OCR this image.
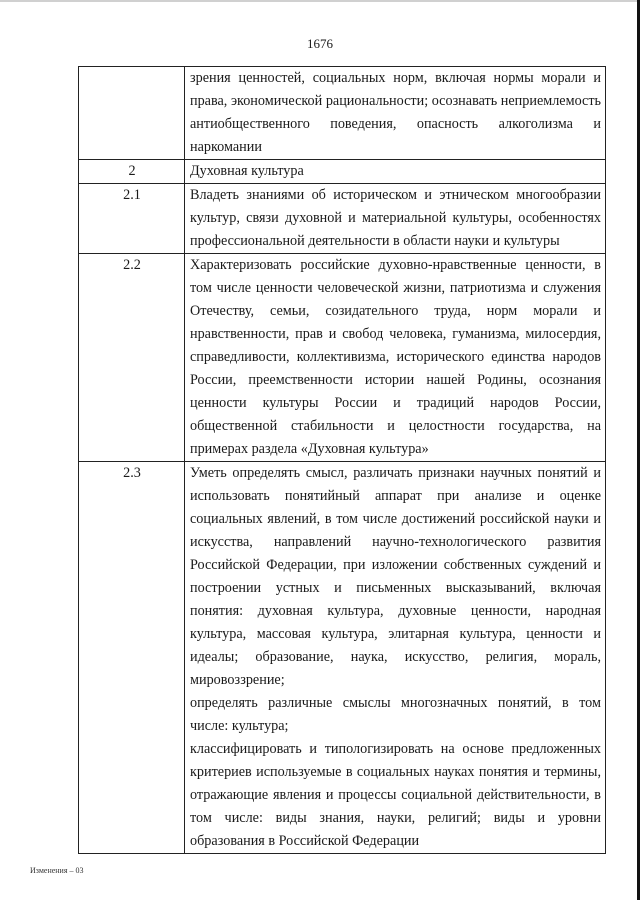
1676

	зрения ценностей, социальных норм, включая нормы морали и права, экономической рациональности; осознавать неприемлемость антиобщественного поведения, опасность алкоголизма и наркомании

2	Духовная культура

2.1	Владеть знаниями об историческом и этническом многообразии культур, связи духовной и материальной культуры, особенностях профессиональной деятельности в области науки и культуры

2.2	Характеризовать российские духовно-нравственные ценности, в том числе ценности человеческой жизни, патриотизма и служения Отечеству, семьи, созидательного труда, норм морали и нравственности, прав и свобод человека, гуманизма, милосердия, справедливости, коллективизма, исторического единства народов России, преемственности истории нашей Родины, осознания ценности культуры России и традиций народов России, общественной стабильности и целостности государства, на примерах раздела «Духовная культура»

2.3	Уметь определять смысл, различать признаки научных понятий и использовать понятийный аппарат при анализе и оценке социальных явлений, в том числе достижений российской науки и искусства, направлений научно-технологического развития Российской Федерации, при изложении собственных суждений и построении устных и письменных высказываний, включая понятия: духовная культура, духовные ценности, народная культура, массовая культура, элитарная культура, ценности и идеалы; образование, наука, искусство, религия, мораль, мировоззрение;
определять различные смыслы многозначных понятий, в том числе: культура;
классифицировать и типологизировать на основе предложенных критериев используемые в социальных науках понятия и термины, отражающие явления и процессы социальной действительности, в том числе: виды знания, науки, религий; виды и уровни образования в Российской Федерации
Изменения – 03
